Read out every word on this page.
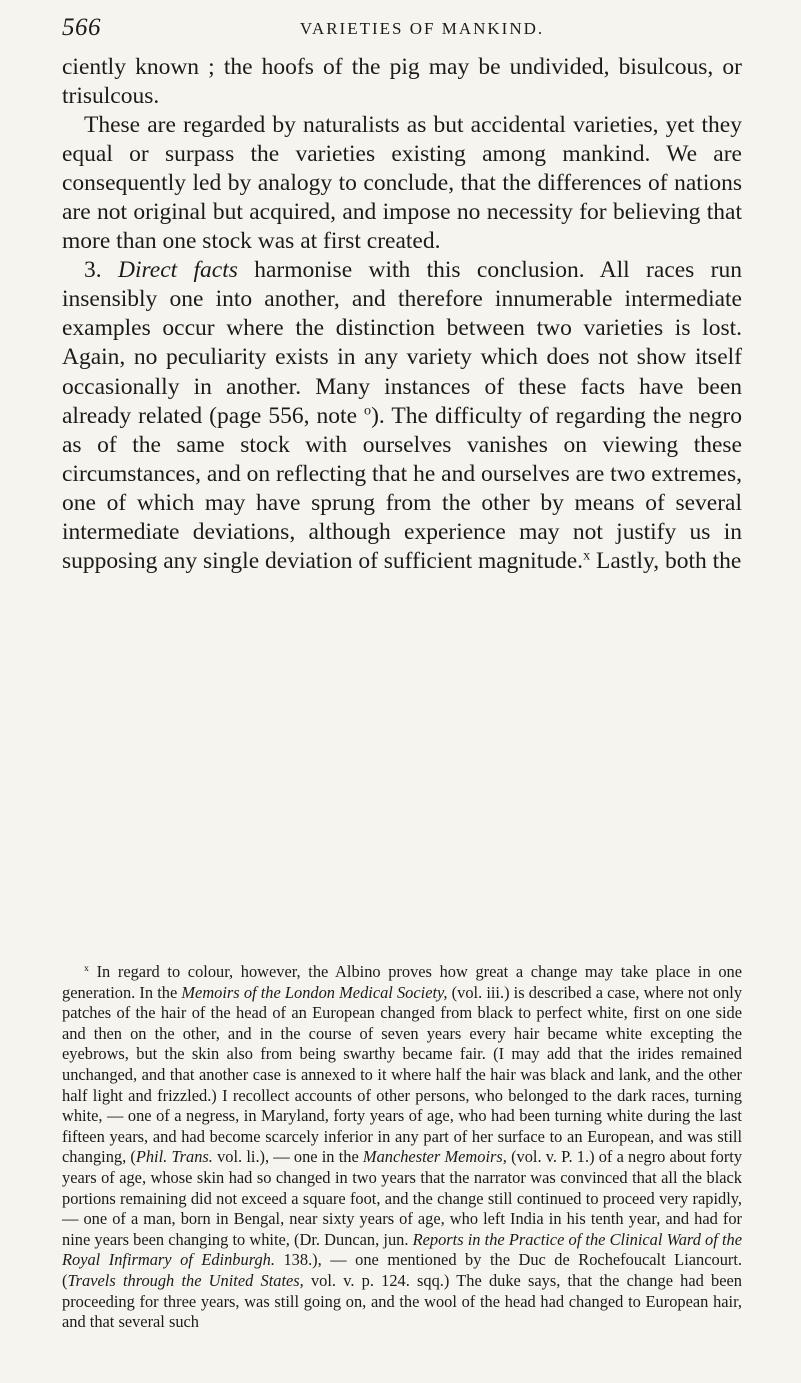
566	VARIETIES OF MANKIND.

ciently known ; the hoofs of the pig may be undivided, bisulcous, or trisulcous.

These are regarded by naturalists as but accidental varieties, yet they equal or surpass the varieties existing among mankind. We are consequently led by analogy to conclude, that the differences of nations are not original but acquired, and impose no necessity for believing that more than one stock was at first created.

3. Direct facts harmonise with this conclusion. All races run insensibly one into another, and therefore innumerable intermediate examples occur where the distinction between two varieties is lost. Again, no peculiarity exists in any variety which does not show itself occasionally in another. Many instances of these facts have been already related (page 556, note $^o$). The difficulty of regarding the negro as of the same stock with ourselves vanishes on viewing these circumstances, and on reflecting that he and ourselves are two extremes, one of which may have sprung from the other by means of several intermediate deviations, although experience may not justify us in supposing any single deviation of sufficient magnitude.$^x$ Lastly, both the

$^x$ In regard to colour, however, the Albino proves how great a change may take place in one generation. In the Memoirs of the London Medical Society, (vol. iii.) is described a case, where not only patches of the hair of the head of an European changed from black to perfect white, first on one side and then on the other, and in the course of seven years every hair became white excepting the eyebrows, but the skin also from being swarthy became fair. (I may add that the irides remained unchanged, and that another case is annexed to it where half the hair was black and lank, and the other half light and frizzled.) I recollect accounts of other persons, who belonged to the dark races, turning white, — one of a negress, in Maryland, forty years of age, who had been turning white during the last fifteen years, and had become scarcely inferior in any part of her surface to an European, and was still changing, (Phil. Trans. vol. li.), — one in the Manchester Memoirs, (vol. v. P. 1.) of a negro about forty years of age, whose skin had so changed in two years that the narrator was convinced that all the black portions remaining did not exceed a square foot, and the change still continued to proceed very rapidly, — one of a man, born in Bengal, near sixty years of age, who left India in his tenth year, and had for nine years been changing to white, (Dr. Duncan, jun. Reports in the Practice of the Clinical Ward of the Royal Infirmary of Edinburgh. 138.), — one mentioned by the Duc de Rochefoucalt Liancourt. (Travels through the United States, vol. v. p. 124. sqq.) The duke says, that the change had been proceeding for three years, was still going on, and the wool of the head had changed to European hair, and that several such
